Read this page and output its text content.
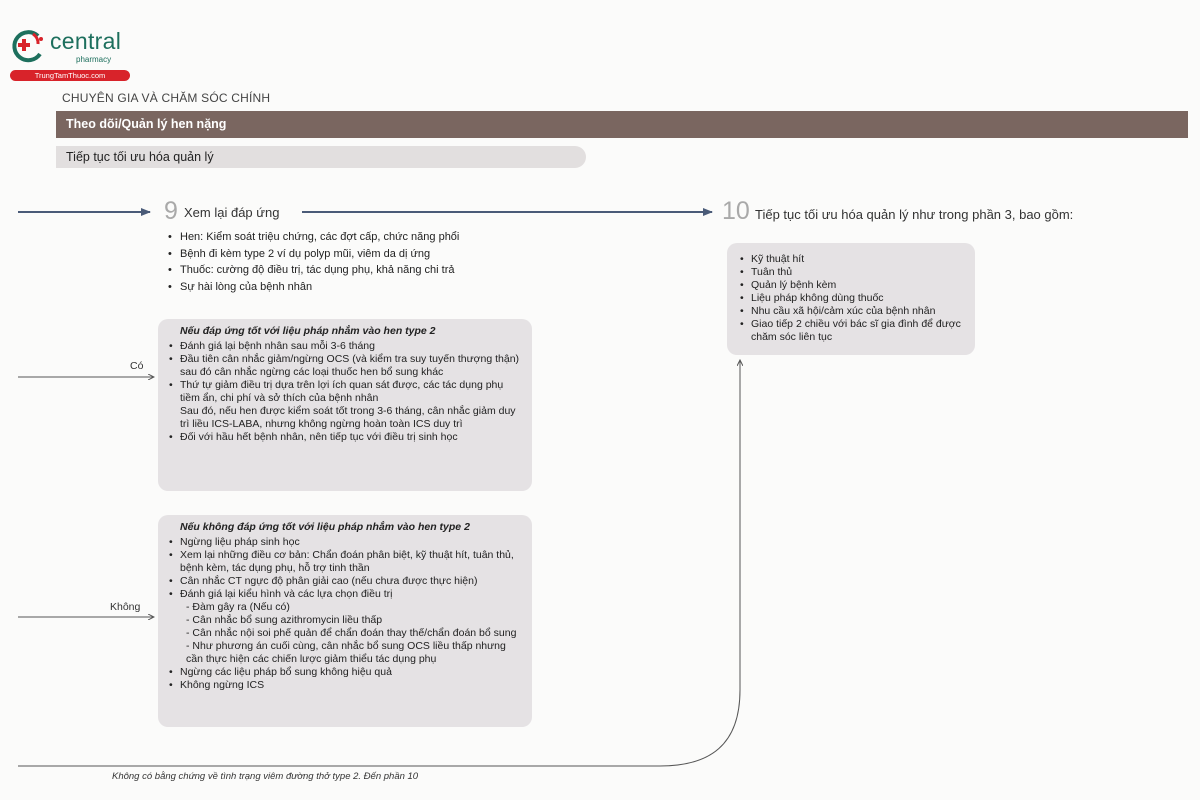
central
pharmacy
TrungTamThuoc.com
CHUYÊN GIA VÀ CHĂM SÓC CHÍNH
Theo dõi/Quản lý hen nặng
Tiếp tục tối ưu hóa quản lý
9 Xem lại đáp ứng
• Hen: Kiểm soát triệu chứng, các đợt cấp, chức năng phổi
• Bệnh đi kèm type 2 ví dụ polyp mũi, viêm da dị ứng
• Thuốc: cường độ điều trị, tác dụng phụ, khả năng chi trả
• Sự hài lòng của bệnh nhân
10 Tiếp tục tối ưu hóa quản lý như trong phần 3, bao gồm:
• Kỹ thuật hít
• Tuân thủ
• Quản lý bệnh kèm
• Liệu pháp không dùng thuốc
• Nhu cầu xã hội/cảm xúc của bệnh nhân
• Giao tiếp 2 chiều với bác sĩ gia đình để được chăm sóc liên tục
Có
Không
Nếu đáp ứng tốt với liệu pháp nhắm vào hen type 2
• Đánh giá lại bệnh nhân sau mỗi 3-6 tháng
• Đầu tiên cân nhắc giảm/ngừng OCS (và kiểm tra suy tuyến thượng thận) sau đó cân nhắc ngừng các loại thuốc hen bổ sung khác
• Thứ tự giảm điều trị dựa trên lợi ích quan sát được, các tác dụng phụ tiềm ẩn, chi phí và sở thích của bệnh nhân
Sau đó, nếu hen được kiểm soát tốt trong 3-6 tháng, cân nhắc giảm duy trì liều ICS-LABA, nhưng không ngừng hoàn toàn ICS duy trì
• Đối với hầu hết bệnh nhân, nên tiếp tục với điều trị sinh học
Nếu không đáp ứng tốt với liệu pháp nhắm vào hen type 2
• Ngừng liệu pháp sinh học
• Xem lại những điều cơ bản: Chẩn đoán phân biệt, kỹ thuật hít, tuân thủ, bệnh kèm, tác dụng phụ, hỗ trợ tinh thần
• Cân nhắc CT ngực độ phân giải cao (nếu chưa được thực hiện)
• Đánh giá lại kiểu hình và các lựa chọn điều trị
- Đàm gây ra (Nếu có)
- Cân nhắc bổ sung azithromycin liều thấp
- Cân nhắc nội soi phế quản để chẩn đoán thay thế/chẩn đoán bổ sung
- Như phương án cuối cùng, cân nhắc bổ sung OCS liều thấp nhưng cần thực hiện các chiến lược giảm thiểu tác dụng phụ
• Ngừng các liệu pháp bổ sung không hiệu quả
• Không ngừng ICS
Không có bằng chứng về tình trạng viêm đường thở type 2. Đến phần 10
